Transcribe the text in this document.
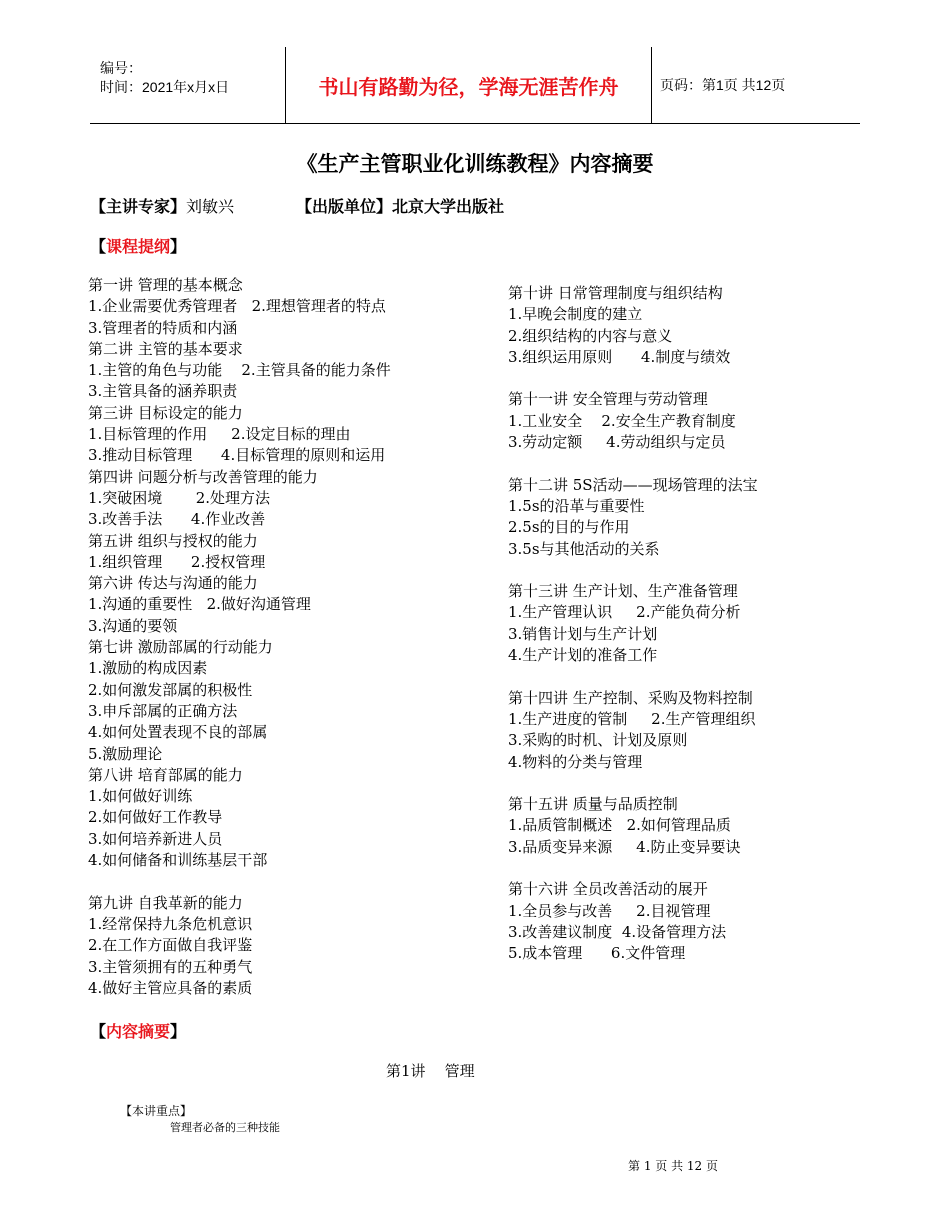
编号：
时间：2021年x月x日	书山有路勤为径，学海无涯苦作舟	页码：第1页 共12页
《生产主管职业化训练教程》内容摘要
【主讲专家】刘敏兴	【出版单位】北京大学出版社
【课程提纲】
第一讲 管理的基本概念
1.企业需要优秀管理者   2.理想管理者的特点
3.管理者的特质和内涵
第二讲 主管的基本要求
1.主管的角色与功能    2.主管具备的能力条件
3.主管具备的涵养职责
第三讲 目标设定的能力
1.目标管理的作用     2.设定目标的理由
3.推动目标管理      4.目标管理的原则和运用
第四讲 问题分析与改善管理的能力
1.突破困境       2.处理方法
3.改善手法      4.作业改善
第五讲 组织与授权的能力
1.组织管理      2.授权管理
第六讲 传达与沟通的能力
1.沟通的重要性   2.做好沟通管理
3.沟通的要领
第七讲 激励部属的行动能力
1.激励的构成因素
2.如何激发部属的积极性
3.申斥部属的正确方法
4.如何处置表现不良的部属
5.激励理论
第八讲 培育部属的能力
1.如何做好训练
2.如何做好工作教导
3.如何培养新进人员
4.如何储备和训练基层干部
第九讲 自我革新的能力
1.经常保持九条危机意识
2.在工作方面做自我评鉴
3.主管须拥有的五种勇气
4.做好主管应具备的素质
第十讲 日常管理制度与组织结构
1.早晚会制度的建立
2.组织结构的内容与意义
3.组织运用原则      4.制度与绩效
第十一讲 安全管理与劳动管理
1.工业安全    2.安全生产教育制度
3.劳动定额     4.劳动组织与定员
第十二讲 5S活动——现场管理的法宝
1.5s的沿革与重要性
2.5s的目的与作用
3.5s与其他活动的关系
第十三讲 生产计划、生产准备管理
1.生产管理认识     2.产能负荷分析
3.销售计划与生产计划
4.生产计划的准备工作
第十四讲 生产控制、采购及物料控制
1.生产进度的管制     2.生产管理组织
3.采购的时机、计划及原则
4.物料的分类与管理
第十五讲 质量与品质控制
1.品质管制概述   2.如何管理品质
3.品质变异来源     4.防止变异要诀
第十六讲 全员改善活动的展开
1.全员参与改善     2.目视管理
3.改善建议制度  4.设备管理方法
5.成本管理      6.文件管理
【内容摘要】
第1讲    管理
【本讲重点】
管理者必备的三种技能
第 1 页 共 12 页
